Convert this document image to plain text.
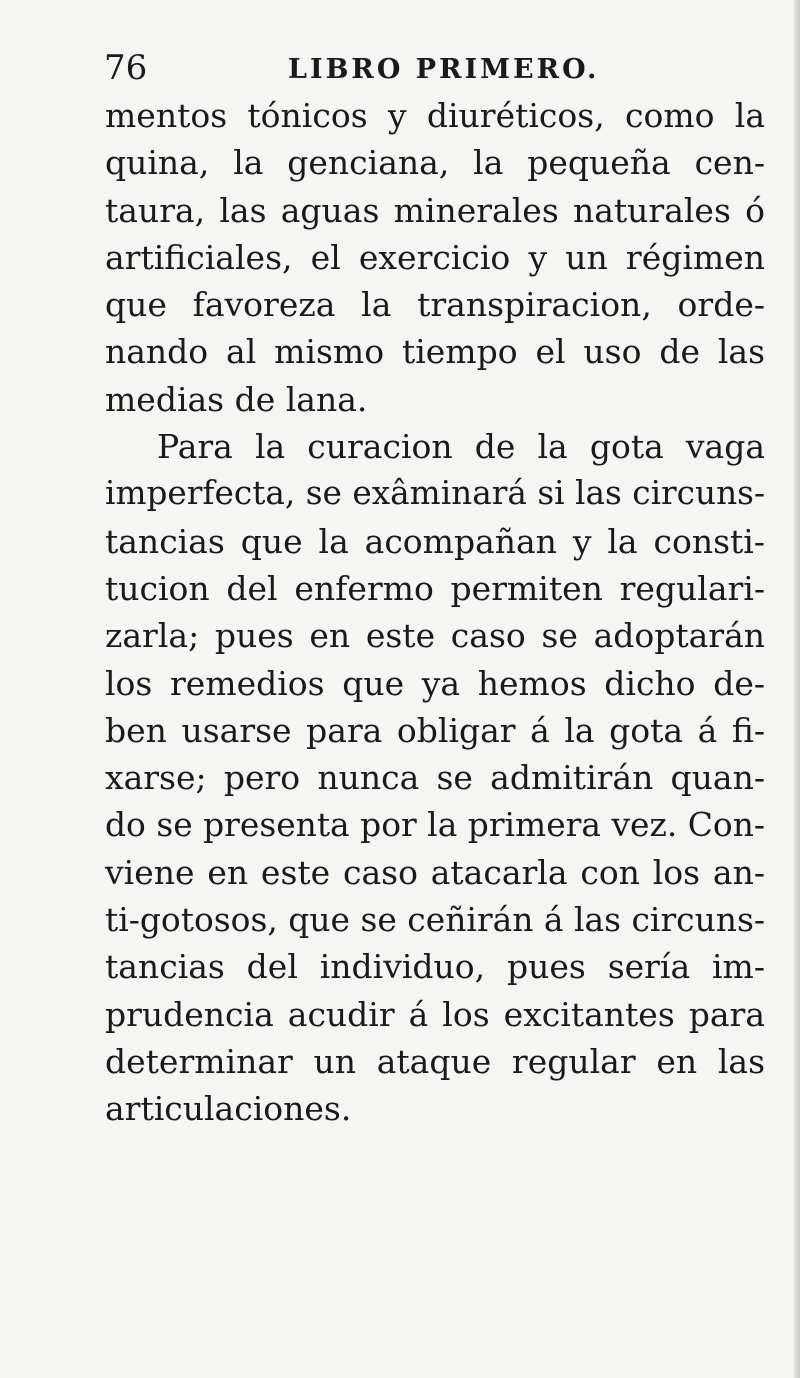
76	LIBRO PRIMERO.
mentos tónicos y diuréticos, como la
quina, la genciana, la pequeña cen-
taura, las aguas minerales naturales ó
artificiales, el exercicio y un régimen
que favoreza la transpiracion, orde-
nando al mismo tiempo el uso de las
medias de lana.
Para la curacion de la gota vaga
imperfecta, se exâminará si las circuns-
tancias que la acompañan y la consti-
tucion del enfermo permiten regulari-
zarla; pues en este caso se adoptarán
los remedios que ya hemos dicho de-
ben usarse para obligar á la gota á fi-
xarse; pero nunca se admitirán quan-
do se presenta por la primera vez. Con-
viene en este caso atacarla con los an-
ti-gotosos, que se ceñirán á las circuns-
tancias del individuo, pues sería im-
prudencia acudir á los excitantes para
determinar un ataque regular en las
articulaciones.
